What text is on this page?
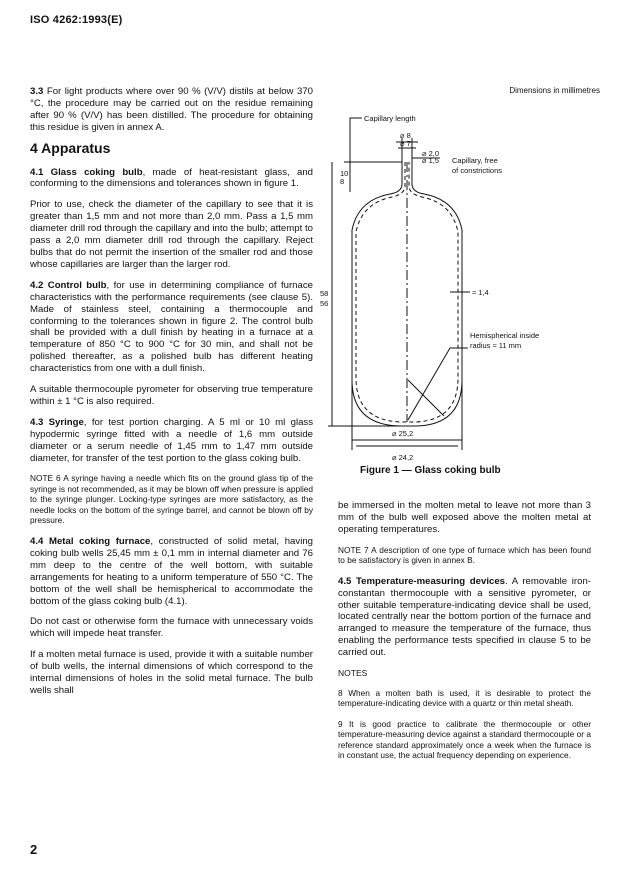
ISO 4262:1993(E)

3.3 For light products where over 90 % (V/V) distils at below 370 °C, the procedure may be carried out on the residue remaining after 90 % (V/V) has been distilled. The procedure for obtaining this residue is given in annex A.

4 Apparatus

4.1 Glass coking bulb, made of heat-resistant glass, and conforming to the dimensions and tolerances shown in figure 1.

Prior to use, check the diameter of the capillary to see that it is greater than 1,5 mm and not more than 2,0 mm. Pass a 1,5 mm diameter drill rod through the capillary and into the bulb; attempt to pass a 2,0 mm diameter drill rod through the capillary. Reject bulbs that do not permit the insertion of the smaller rod and those whose capillaries are larger than the larger rod.

4.2 Control bulb, for use in determining compliance of furnace characteristics with the performance requirements (see clause 5). Made of stainless steel, containing a thermocouple and conforming to the tolerances shown in figure 2. The control bulb shall be provided with a dull finish by heating in a furnace at a temperature of 850 °C to 900 °C for 30 min, and shall not be polished thereafter, as a polished bulb has different heating characteristics from one with a dull finish.

A suitable thermocouple pyrometer for observing true temperature within ± 1 °C is also required.

4.3 Syringe, for test portion charging. A 5 ml or 10 ml glass hypodermic syringe fitted with a needle of 1,6 mm outside diameter or a serum needle of 1,45 mm to 1,47 mm outside diameter, for transfer of the test portion to the glass coking bulb.

NOTE 6 A syringe having a needle which fits on the ground glass tip of the syringe is not recommended, as it may be blown off when pressure is applied to the syringe plunger. Locking-type syringes are more satisfactory, as the needle locks on the bottom of the syringe barrel, and cannot be blown off by pressure.

4.4 Metal coking furnace, constructed of solid metal, having coking bulb wells 25,45 mm ± 0,1 mm in internal diameter and 76 mm deep to the centre of the well bottom, with suitable arrangements for heating to a uniform temperature of 550 °C. The bottom of the well shall be hemispherical to accommodate the bottom of the glass coking bulb (4.1).

Do not cast or otherwise form the furnace with unnecessary voids which will impede heat transfer.

If a molten metal furnace is used, provide it with a suitable number of bulb wells, the internal dimensions of which correspond to the internal dimensions of holes in the solid metal furnace. The bulb wells shall

Dimensions in millimetres
Capillary length
⌀ 8
⌀ 7
⌀ 2,0
⌀ 1,5 Capillary, free
of constrictions
10
8
≈ 1,4
58
56
Hemispherical inside
radius ≈ 11 mm
⌀ 25,2
⌀ 24,2
Figure 1 — Glass coking bulb

be immersed in the molten metal to leave not more than 3 mm of the bulb well exposed above the molten metal at operating temperatures.

NOTE 7 A description of one type of furnace which has been found to be satisfactory is given in annex B.

4.5 Temperature-measuring devices. A removable iron-constantan thermocouple with a sensitive pyrometer, or other suitable temperature-indicating device shall be used, located centrally near the bottom portion of the furnace and arranged to measure the temperature of the furnace, thus enabling the performance tests specified in clause 5 to be carried out.

NOTES

8 When a molten bath is used, it is desirable to protect the temperature-indicating device with a quartz or thin metal sheath.

9 It is good practice to calibrate the thermocouple or other temperature-measuring device against a standard thermocouple or a reference standard approximately once a week when the furnace is in constant use, the actual frequency depending on experience.

2
